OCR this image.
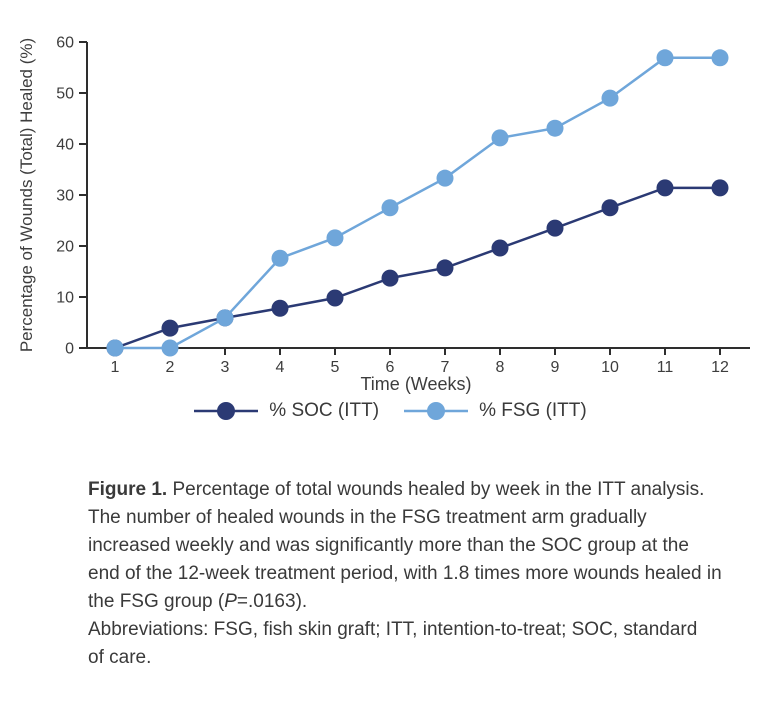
Percentage of Wounds (Total) Healed (%) 0
10
20
30
40
50
60
1	2	3	4	5	6	7	8	9	10 11 12
Time (Weeks)
% SOC (ITT)	% FSG (ITT)
Figure 1. Percentage of total wounds healed by week in the ITT analysis.
The number of healed wounds in the FSG treatment arm gradually
increased weekly and was significantly more than the SOC group at the
end of the 12-week treatment period, with 1.8 times more wounds healed in
the FSG group (P=.0163).
Abbreviations: FSG, fish skin graft; ITT, intention-to-treat; SOC, standard
of care.
